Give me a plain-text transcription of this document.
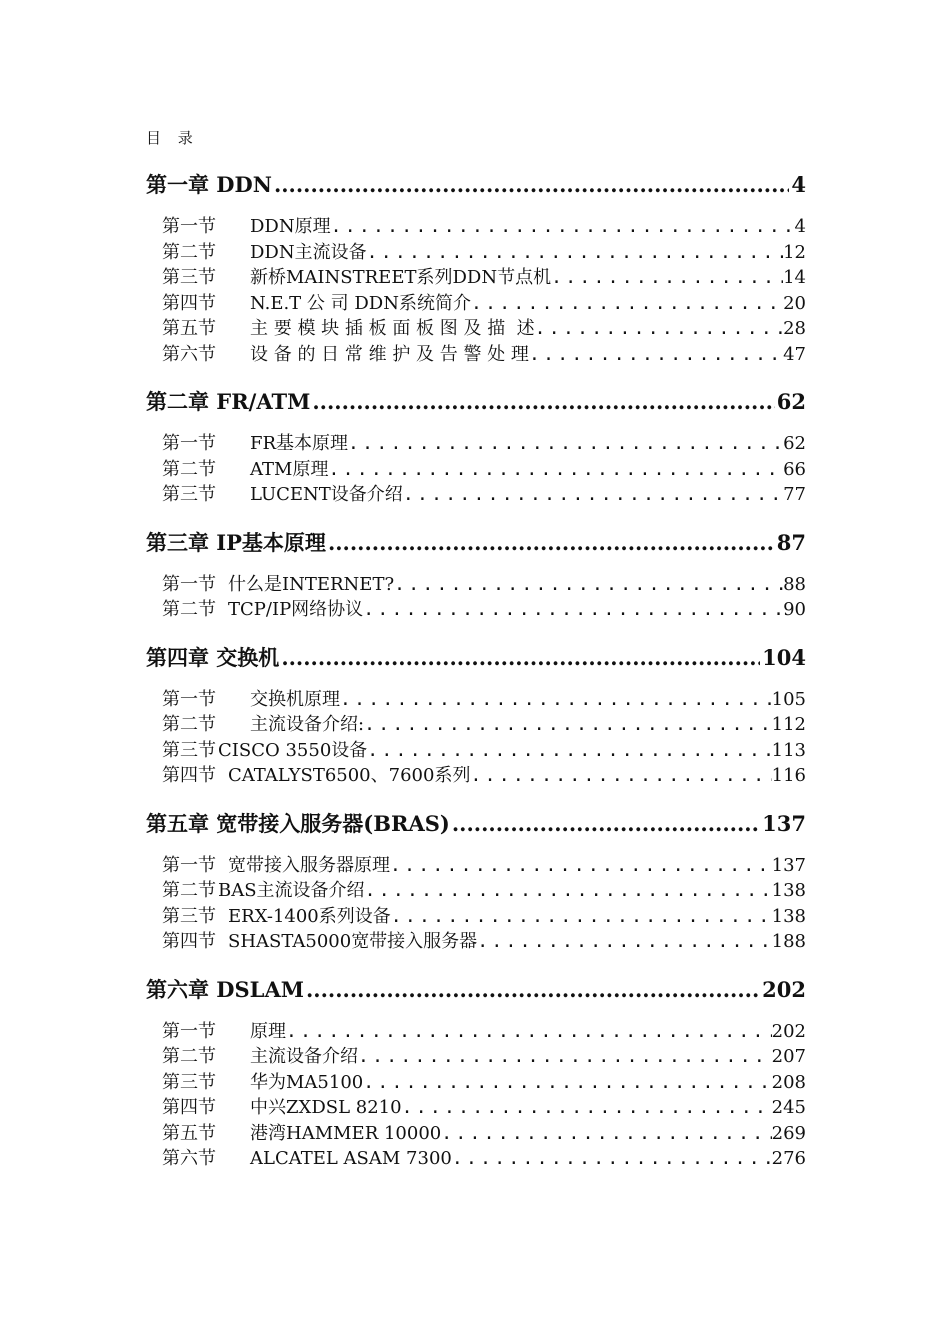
目 录
第一章 DDN .....	4
第一节 DDN原理 .....	4
第二节 DDN主流设备 .....	12
第三节 新桥MAINSTREET系列DDN节点机 .....	14
第四节 N.E.T 公 司 DDN系统简介 .....	20
第五节 主 要 模 块 插 板 面 板 图 及 描  述 .....	28
第六节 设 备 的 日 常 维 护 及 告 警 处 理 .....	47
第二章 FR/ATM .....	62
第一节 FR基本原理 .....	62
第二节 ATM原理 .....	66
第三节 LUCENT设备介绍 .....	77
第三章 IP基本原理 .....	87
第一节 什么是INTERNET? .....	88
第二节 TCP/IP网络协议 .....	90
第四章 交换机 .....	104
第一节 交换机原理 .....	105
第二节 主流设备介绍: .....	112
第三节 CISCO 3550设备 .....	113
第四节 CATALYST6500、7600系列 .....	116
第五章 宽带接入服务器(BRAS) .....	137
第一节 宽带接入服务器原理 .....	137
第二节 BAS主流设备介绍 .....	138
第三节 ERX-1400系列设备 .....	138
第四节 SHASTA5000宽带接入服务器 .....	188
第六章 DSLAM .....	202
第一节 原理 .....	202
第二节 主流设备介绍 .....	207
第三节 华为MA5100 .....	208
第四节 中兴ZXDSL 8210 .....	245
第五节 港湾HAMMER 10000 .....	269
第六节 ALCATEL ASAM 7300 .....	276
